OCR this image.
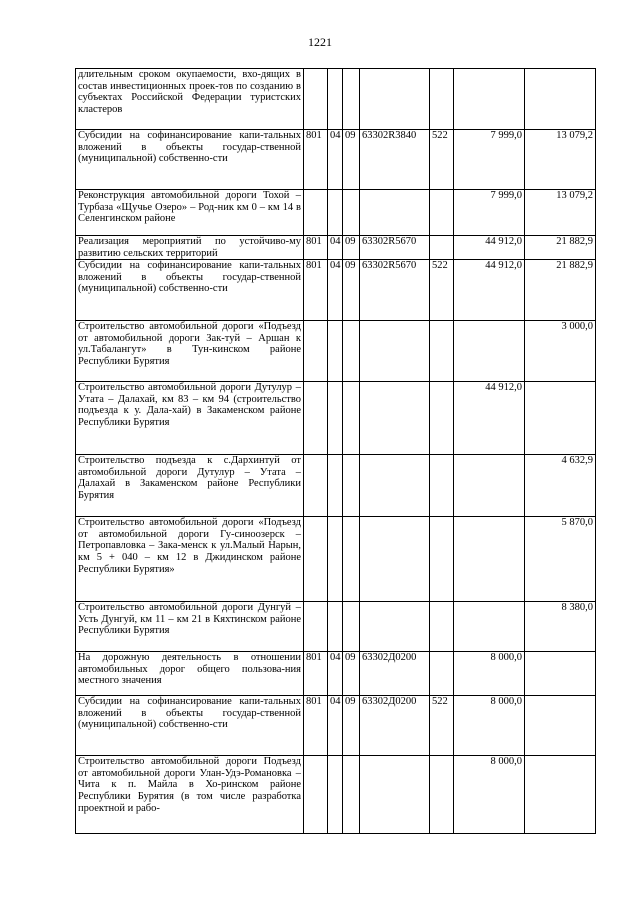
1221
длительным сроком окупаемости, вхо-дящих в состав инвестиционных проек-тов по созданию в субъектах Российской Федерации туристских кластеров							
Субсидии на софинансирование капи-тальных вложений в объекты государ-ственной (муниципальной) собственно-сти	801	04	09	63302R3840	522	7 999,0	13 079,2
Реконструкция автомобильной дороги Тохой – Турбаза «Щучье Озеро» – Род-ник км 0 – км 14 в Селенгинском районе						7 999,0	13 079,2
Реализация мероприятий по устойчиво-му развитию сельских территорий	801	04	09	63302R5670		44 912,0	21 882,9
Субсидии на софинансирование капи-тальных вложений в объекты государ-ственной (муниципальной) собственно-сти	801	04	09	63302R5670	522	44 912,0	21 882,9
Строительство автомобильной дороги «Подъезд от автомобильной дороги Зак-туй – Аршан к ул.Табалангут» в Тун-кинском районе Республики Бурятия							3 000,0
Строительство автомобильной дороги Дутулур – Утата – Далахай, км 83 – км 94 (строительство подъезда к у. Дала-хай) в Закаменском районе Республики Бурятия						44 912,0	
Строительство подъезда к с.Дархинтуй от автомобильной дороги Дутулур – Утата – Далахай в Закаменском районе Республики Бурятия							4 632,9
Строительство автомобильной дороги «Подъезд от автомобильной дороги Гу-синоозерск – Петропавловка – Зака-менск к ул.Малый Нарын, км 5 + 040 – км 12 в Джидинском районе Республики Бурятия»							5 870,0
Строительство автомобильной дороги Дунгуй – Усть Дунгуй, км 11 – км 21 в Кяхтинском районе Республики Бурятия							8 380,0
На дорожную деятельность в отношении автомобильных дорог общего пользова-ния местного значения	801	04	09	63302Д0200		8 000,0	
Субсидии на софинансирование капи-тальных вложений в объекты государ-ственной (муниципальной) собственно-сти	801	04	09	63302Д0200	522	8 000,0	
Строительство автомобильной дороги Подъезд от автомобильной дороги Улан-Удэ-Романовка – Чита к п. Майла в Хо-ринском районе Республики Бурятия (в том числе разработка проектной и рабо-						8 000,0	
